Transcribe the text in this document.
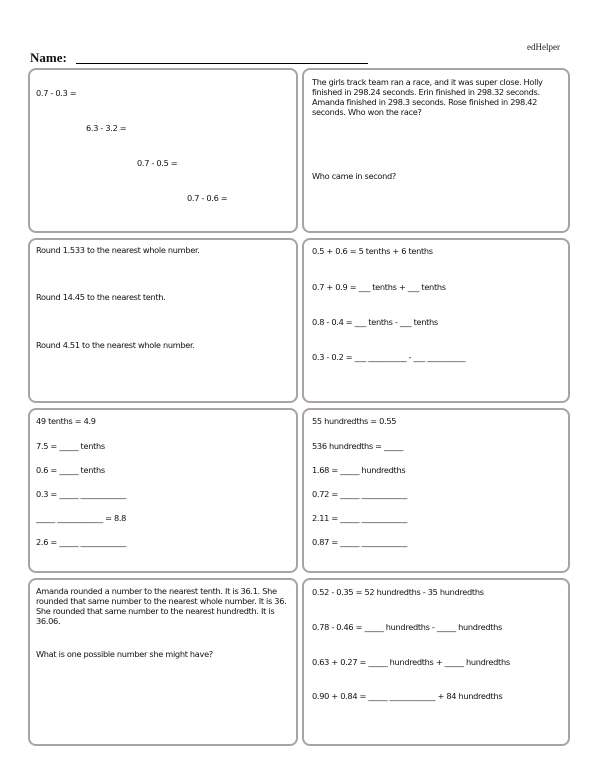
edHelper
Name:
0.7 - 0.3 =
6.3 - 3.2 =
0.7 - 0.5 =
0.7 - 0.6 =
The girls track team ran a race, and it was super close. Holly finished in 298.24 seconds. Erin finished in 298.32 seconds. Amanda finished in 298.3 seconds. Rose finished in 298.42 seconds. Who won the race?
Who came in second?
Round 1.533 to the nearest whole number.
Round 14.45 to the nearest tenth.
Round 4.51 to the nearest whole number.
0.5 + 0.6 = 5 tenths + 6 tenths
0.7 + 0.9 = ___ tenths + ___ tenths
0.8 - 0.4 = ___ tenths - ___ tenths
0.3 - 0.2 = ___ __________ - ___ __________
49 tenths = 4.9
7.5 = _____ tenths
0.6 = _____ tenths
0.3 = _____ ____________
_____ ____________ = 8.8
2.6 = _____ ____________
55 hundredths = 0.55
536 hundredths = _____
1.68 = _____ hundredths
0.72 = _____ ____________
2.11 = _____ ____________
0.87 = _____ ____________
Amanda rounded a number to the nearest tenth. It is 36.1. She rounded that same number to the nearest whole number. It is 36. She rounded that same number to the nearest hundredth. It is 36.06.
What is one possible number she might have?
0.52 - 0.35 = 52 hundredths - 35 hundredths
0.78 - 0.46 = _____ hundredths - _____ hundredths
0.63 + 0.27 = _____ hundredths + _____ hundredths
0.90 + 0.84 = _____ ____________ + 84 hundredths
